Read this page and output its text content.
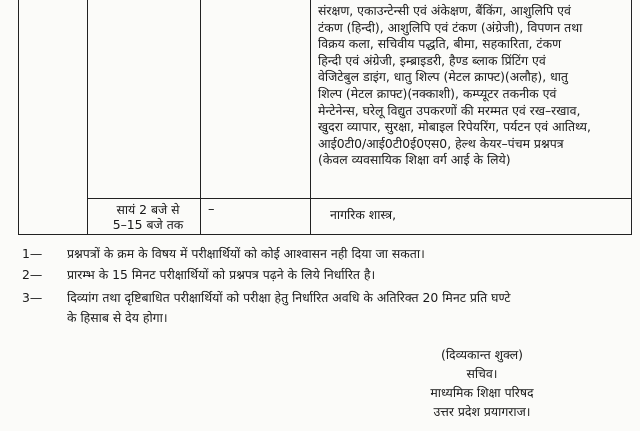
संरक्षण, एकाउन्टेन्सी एवं अंकेक्षण, बैंकिंग, आशुलिपि एवं
टंकण (हिन्दी), आशुलिपि एवं टंकण (अंग्रेजी), विपणन तथा
विक्रय कला, सचिवीय पद्धति, बीमा, सहकारिता, टंकण
हिन्दी एवं अंग्रेजी, इम्ब्राइडरी, हैण्ड ब्लाक प्रिंटिंग एवं
वेजिटेबुल डाइंग, धातु शिल्प (मेटल क्राफ्ट)(अलौह), धातु
शिल्प (मेटल क्राफ्ट)(नक्काशी), कम्प्यूटर तकनीक एवं
मेन्टेनेन्स, घरेलू विद्युत उपकरणों की मरम्मत एवं रख–रखाव,
खुदरा व्यापार, सुरक्षा, मोबाइल रिपेयरिंग, पर्यटन एवं आतिथ्य,
आई0टी0/आई0टी0ई0एस0, हेल्थ केयर–पंचम प्रश्नपत्र
(केवल व्यवसायिक शिक्षा वर्ग आई के लिये)
सायं 2 बजे से
5–15 बजे तक
–	नागरिक शास्त्र,
1— प्रश्नपत्रों के क्रम के विषय में परीक्षार्थियों को कोई आश्वासन नही दिया जा सकता।
2— प्रारम्भ के 15 मिनट परीक्षार्थियों को प्रश्नपत्र पढ़ने के लिये निर्धारित है।
3— दिव्यांग तथा दृष्टिबाधित परीक्षार्थियों को परीक्षा हेतु निर्धारित अवधि के अतिरिक्त 20 मिनट प्रति घण्टे
के हिसाब से देय होगा।
(दिव्यकान्त शुक्ल)
सचिव।
माध्यमिक शिक्षा परिषद
उत्तर प्रदेश प्रयागराज।
